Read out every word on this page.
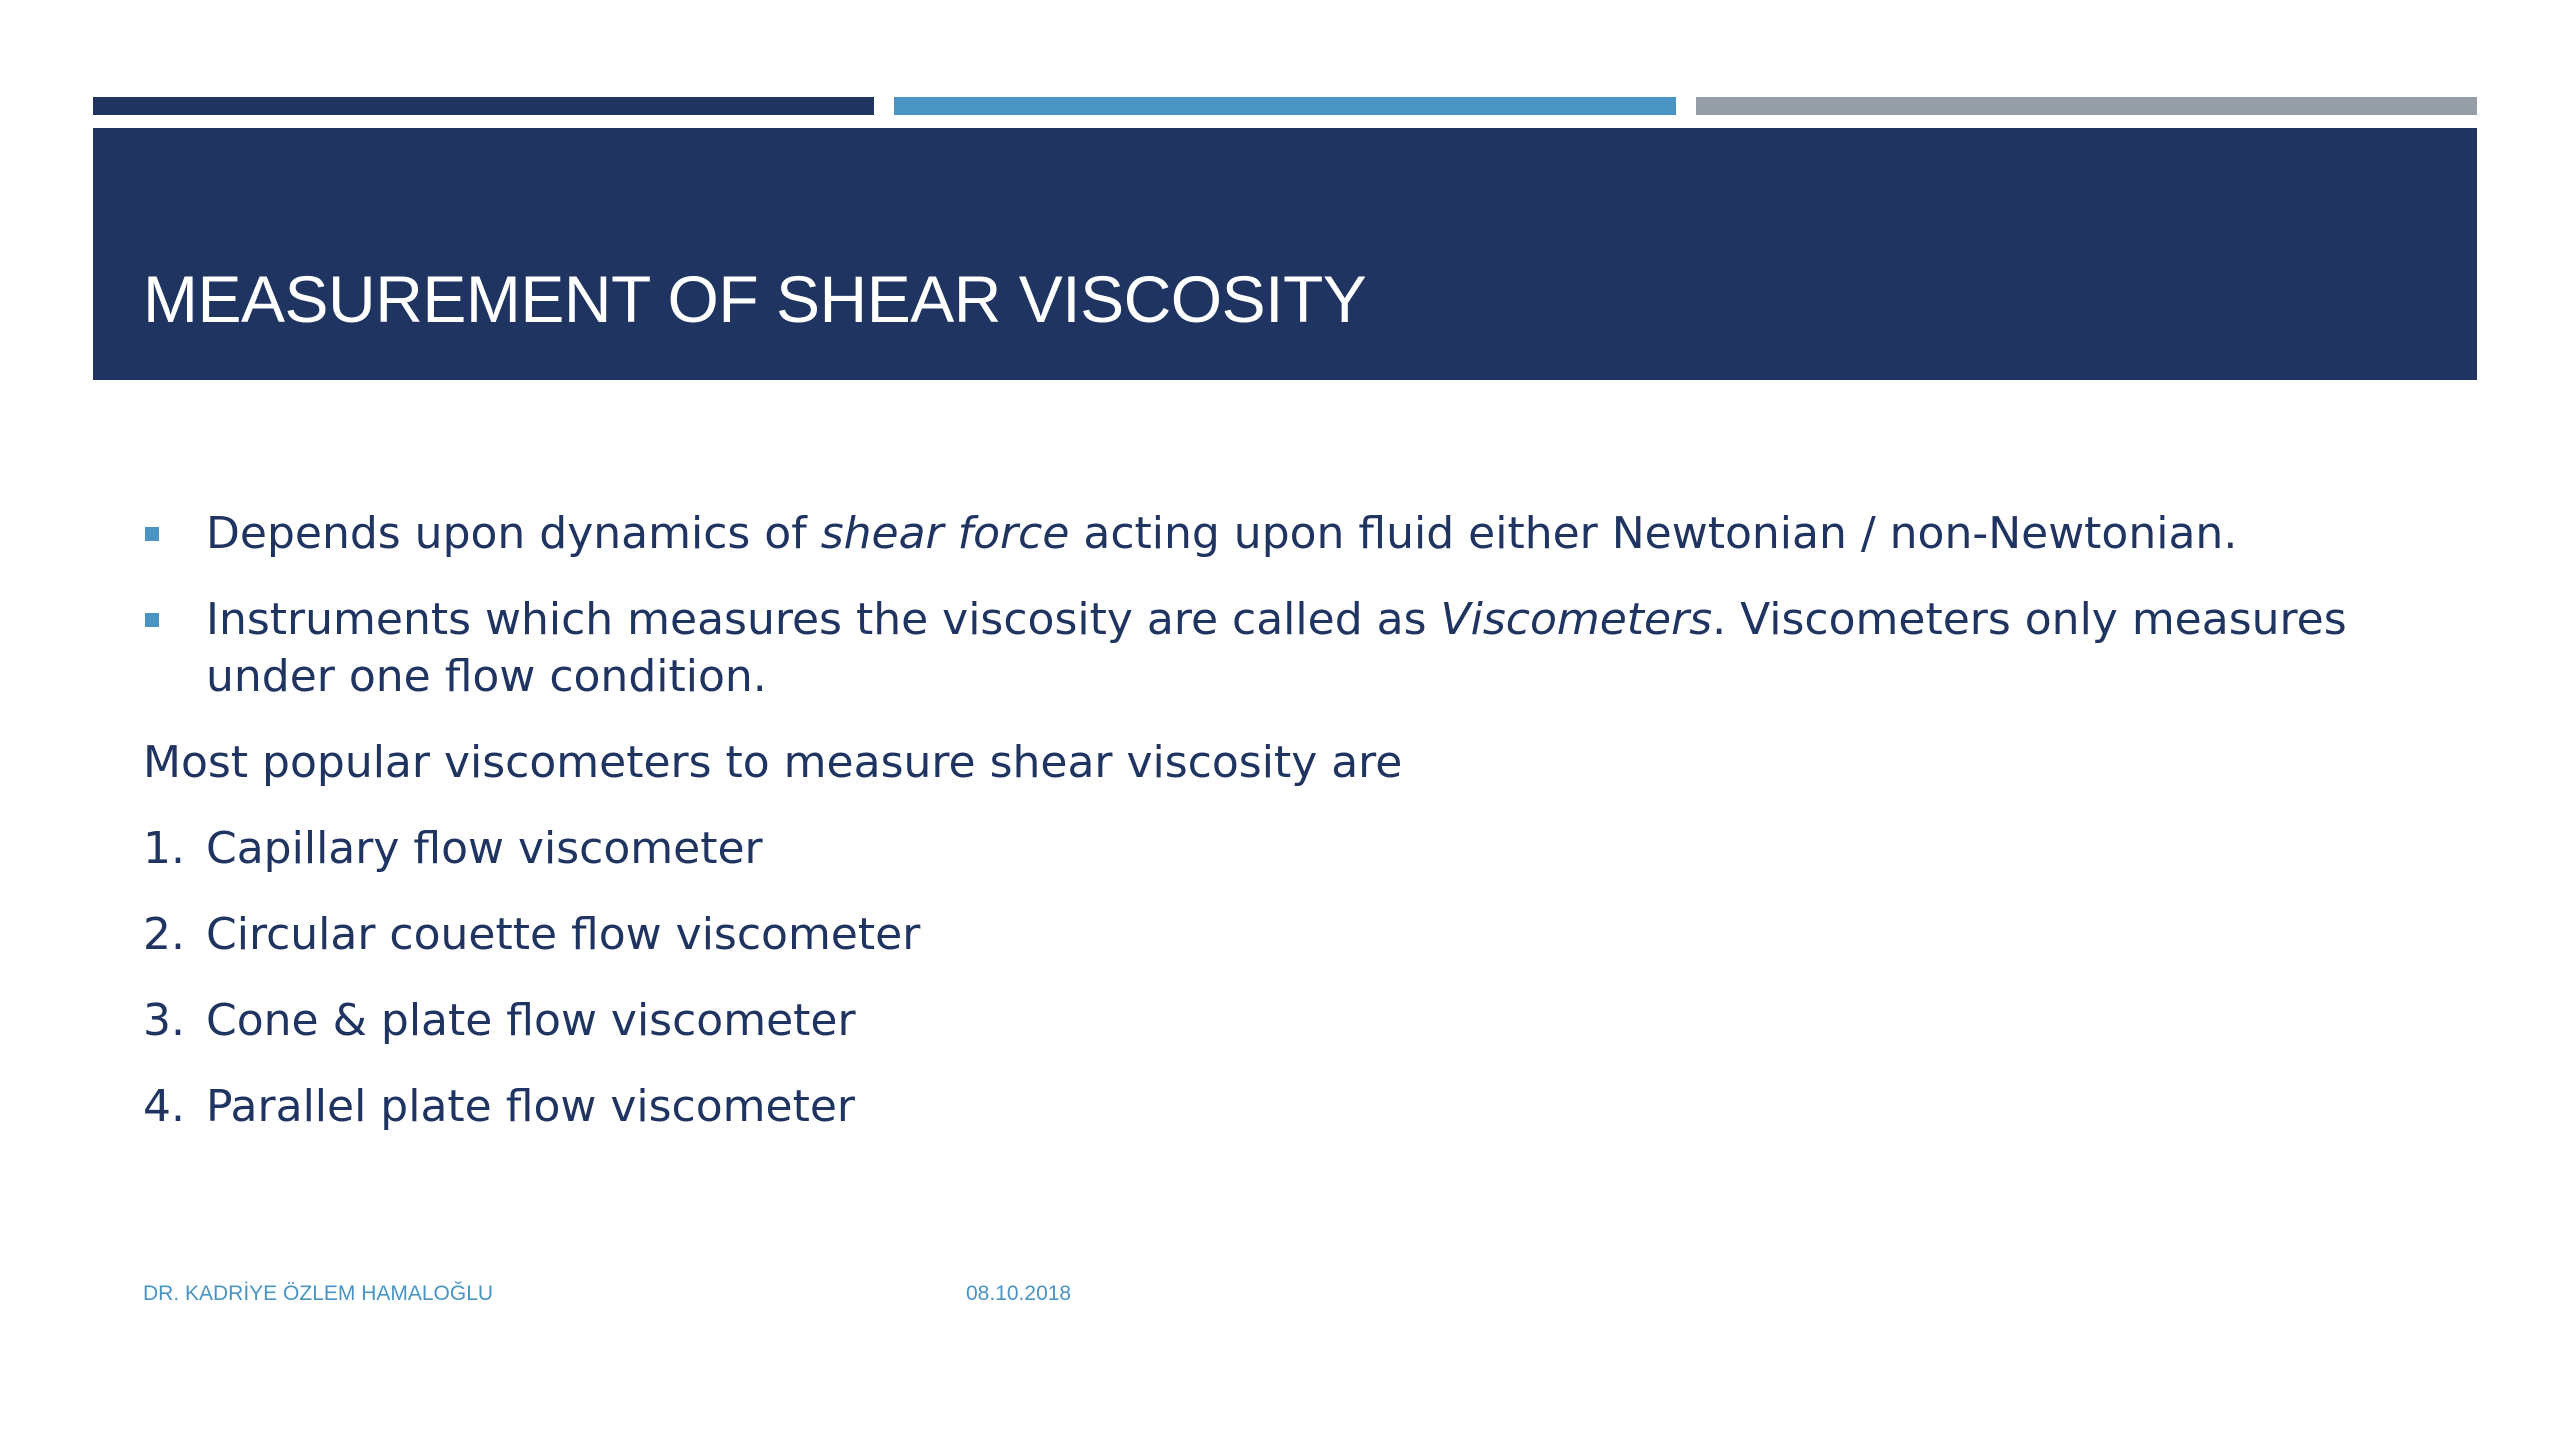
MEASUREMENT OF SHEAR VISCOSITY
Depends upon dynamics of shear force acting upon fluid either Newtonian / non-Newtonian.
Instruments which measures the viscosity are called as Viscometers. Viscometers only measures under one flow condition.
Most popular viscometers to measure shear viscosity are
1. Capillary flow viscometer
2. Circular couette flow viscometer
3. Cone & plate flow viscometer
4. Parallel plate flow viscometer
DR. KADRİYE ÖZLEM HAMALOĞLU	08.10.2018
